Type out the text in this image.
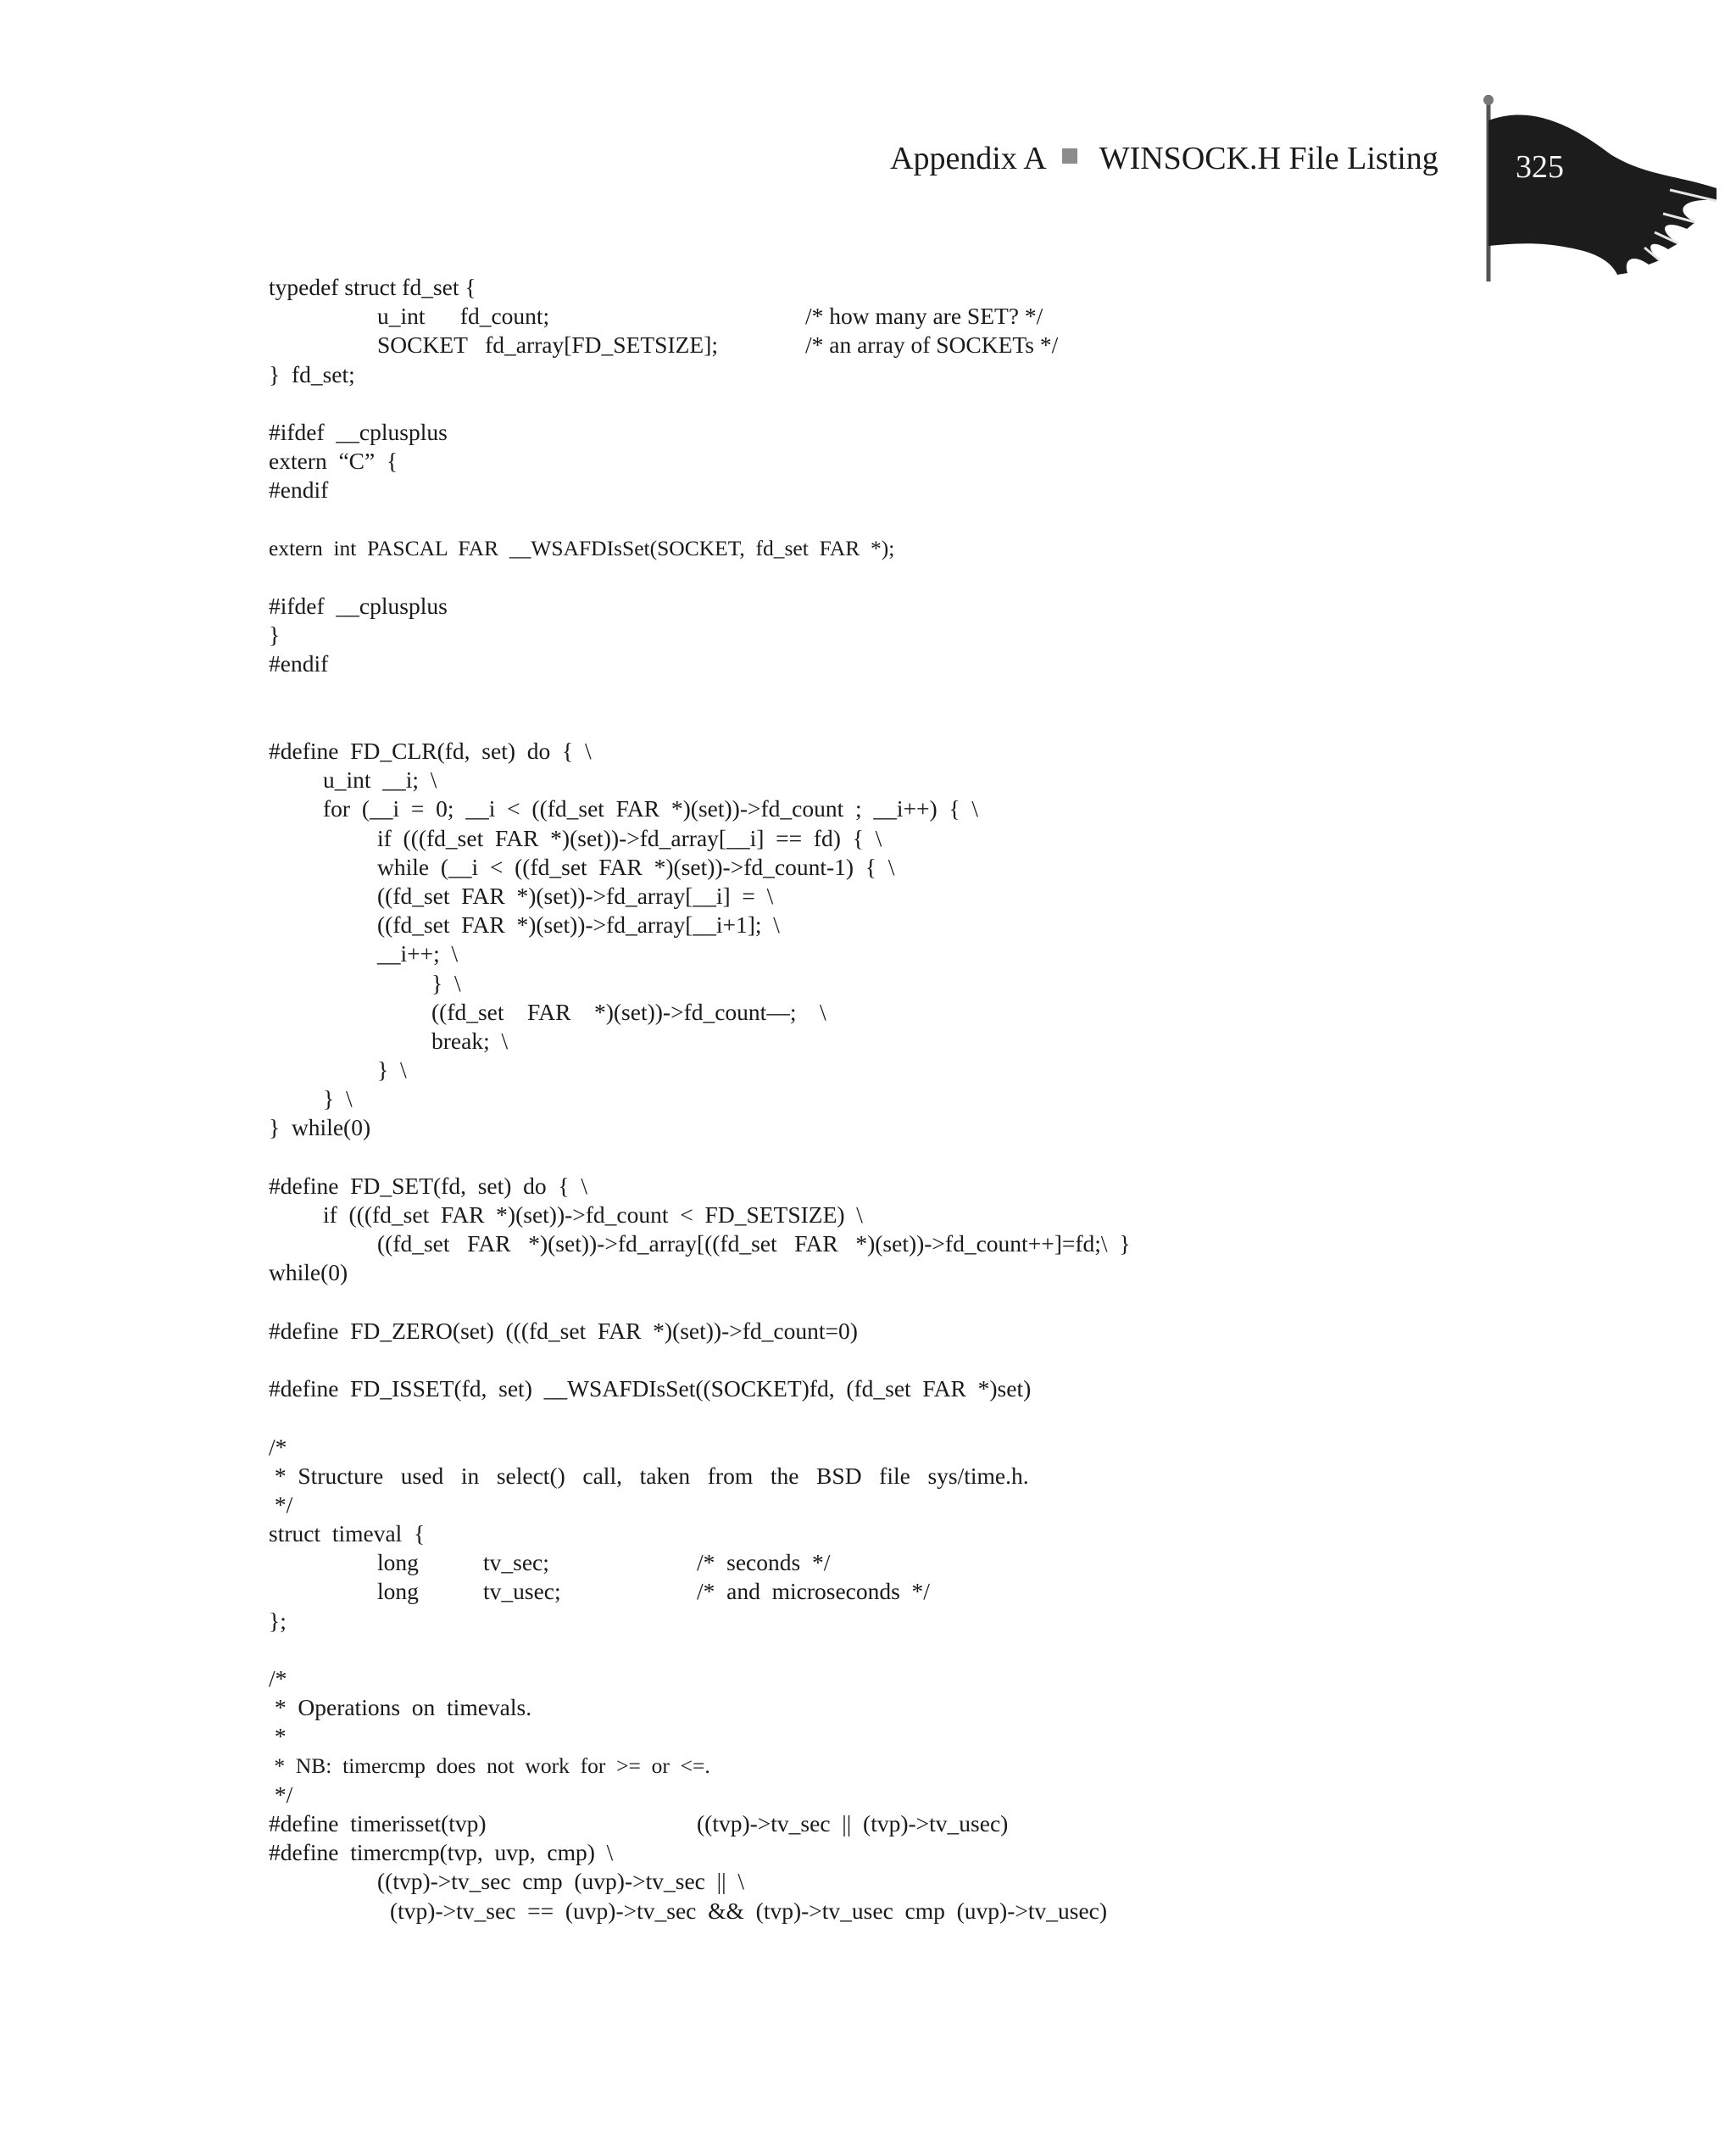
Appendix A WINSOCK.H File Listing 325
typedef struct fd_set {
u_int      fd_count;	/* how many are SET? */
SOCKET   fd_array[FD_SETSIZE];	/* an array of SOCKETs */
}  fd_set;
#ifdef  __cplusplus
extern  “C”  {
#endif
extern  int  PASCAL  FAR  __WSAFDIsSet(SOCKET,  fd_set  FAR  *);
#ifdef  __cplusplus
}
#endif
#define  FD_CLR(fd,  set)  do  {  \
u_int  __i;  \
for  (__i  =  0;  __i  <  ((fd_set  FAR  *)(set))->fd_count  ;  __i++)  {  \
if  (((fd_set  FAR  *)(set))->fd_array[__i]  ==  fd)  {  \
while  (__i  <  ((fd_set  FAR  *)(set))->fd_count-1)  {  \
((fd_set  FAR  *)(set))->fd_array[__i]  =  \
((fd_set  FAR  *)(set))->fd_array[__i+1];  \
__i++;  \
}  \
((fd_set    FAR    *)(set))->fd_count—;    \
break;  \
}  \
}  \
}  while(0)
#define  FD_SET(fd,  set)  do  {  \
if  (((fd_set  FAR  *)(set))->fd_count  <  FD_SETSIZE)  \
((fd_set   FAR   *)(set))->fd_array[((fd_set   FAR   *)(set))->fd_count++]=fd;\  }
while(0)
#define  FD_ZERO(set)  (((fd_set  FAR  *)(set))->fd_count=0)
#define  FD_ISSET(fd,  set)  __WSAFDIsSet((SOCKET)fd,  (fd_set  FAR  *)set)
/*
*  Structure   used   in   select()   call,   taken   from   the   BSD   file   sys/time.h.
*/
struct  timeval  {
long	tv_sec;	/*  seconds  */
long	tv_usec;	/*  and  microseconds  */
};
/*
*  Operations  on  timevals.
*
*  NB:  timercmp  does  not  work  for  >=  or  <=.
*/
#define  timerisset(tvp)	((tvp)->tv_sec  ||  (tvp)->tv_usec)
#define  timercmp(tvp,  uvp,  cmp)  \
((tvp)->tv_sec  cmp  (uvp)->tv_sec  ||  \
(tvp)->tv_sec  ==  (uvp)->tv_sec  &&  (tvp)->tv_usec  cmp  (uvp)->tv_usec)
